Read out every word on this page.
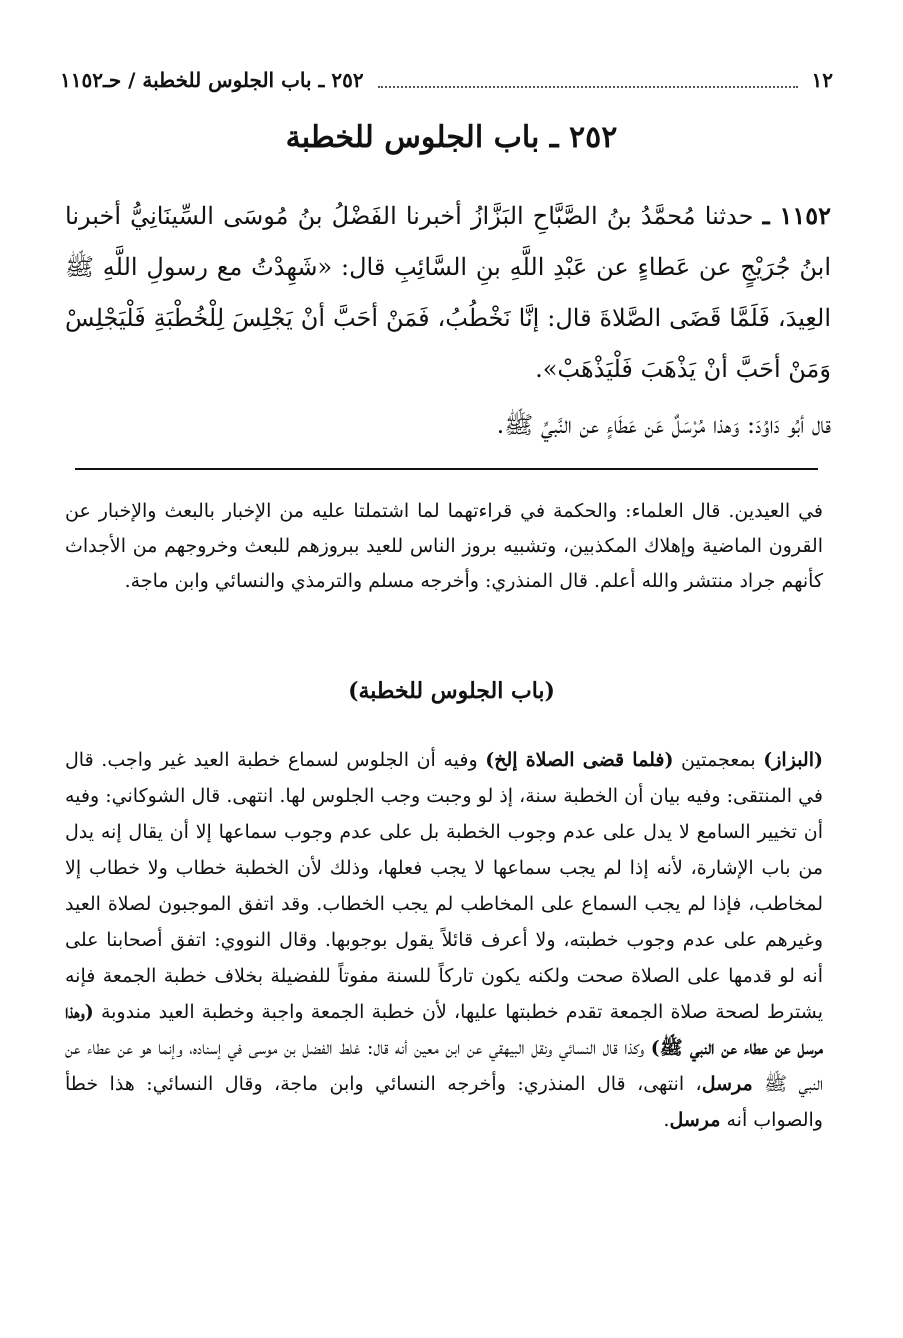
١٢
٢٥٢ ـ باب الجلوس للخطبة / حـ١١٥٢
٢٥٢ ـ باب الجلوس للخطبة
١١٥٢ ـ حدثنا مُحمَّدُ بنُ الصَّبَّاحِ البَزَّازُ أخبرنا الفَضْلُ بنُ مُوسَى السِّينَانِيُّ أخبرنا ابنُ جُرَيْجٍ عن عَطاءٍ عن عَبْدِ اللَّهِ بنِ السَّائِبِ قال: «شَهِدْتُ مع رسولِ اللَّهِ ﷺ العِيدَ، فَلَمَّا قَضَى الصَّلاةَ قال: إنَّا نَخْطُبُ، فَمَنْ أحَبَّ أنْ يَجْلِسَ لِلْخُطْبَةِ فَلْيَجْلِسْ وَمَنْ أحَبَّ أنْ يَذْهَبَ فَلْيَذْهَبْ».
قال أبُو دَاوُدَ: وَهذا مُرْسَلٌ عَن عَطَاءٍ عن النَّبيِّ ﷺ.
في العيدين. قال العلماء: والحكمة في قراءتهما لما اشتملتا عليه من الإخبار بالبعث والإخبار عن القرون الماضية وإهلاك المكذبين، وتشبيه بروز الناس للعيد ببروزهم للبعث وخروجهم من الأجداث كأنهم جراد منتشر والله أعلم. قال المنذري: وأخرجه مسلم والترمذي والنسائي وابن ماجة.
(باب الجلوس للخطبة)
(البزاز) بمعجمتين (فلما قضى الصلاة إلخ) وفيه أن الجلوس لسماع خطبة العيد غير واجب. قال في المنتقى: وفيه بيان أن الخطبة سنة، إذ لو وجبت وجب الجلوس لها. انتهى. قال الشوكاني: وفيه أن تخيير السامع لا يدل على عدم وجوب الخطبة بل على عدم وجوب سماعها إلا أن يقال إنه يدل من باب الإشارة، لأنه إذا لم يجب سماعها لا يجب فعلها، وذلك لأن الخطبة خطاب ولا خطاب إلا لمخاطب، فإذا لم يجب السماع على المخاطب لم يجب الخطاب. وقد اتفق الموجبون لصلاة العيد وغيرهم على عدم وجوب خطبته، ولا أعرف قائلاً يقول بوجوبها. وقال النووي: اتفق أصحابنا على أنه لو قدمها على الصلاة صحت ولكنه يكون تاركاً للسنة مفوتاً للفضيلة بخلاف خطبة الجمعة فإنه يشترط لصحة صلاة الجمعة تقدم خطبتها عليها، لأن خطبة الجمعة واجبة وخطبة العيد مندوبة (وهذا مرسل عن عطاء عن النبي ﷺ) وكذا قال النسائي ونقل البيهقي عن ابن معين أنه قال: غلط الفضل بن موسى في إسناده، وإنما هو عن عطاء عن النبي ﷺ مرسل، انتهى، قال المنذري: وأخرجه النسائي وابن ماجة، وقال النسائي: هذا خطأ والصواب أنه مرسل.
